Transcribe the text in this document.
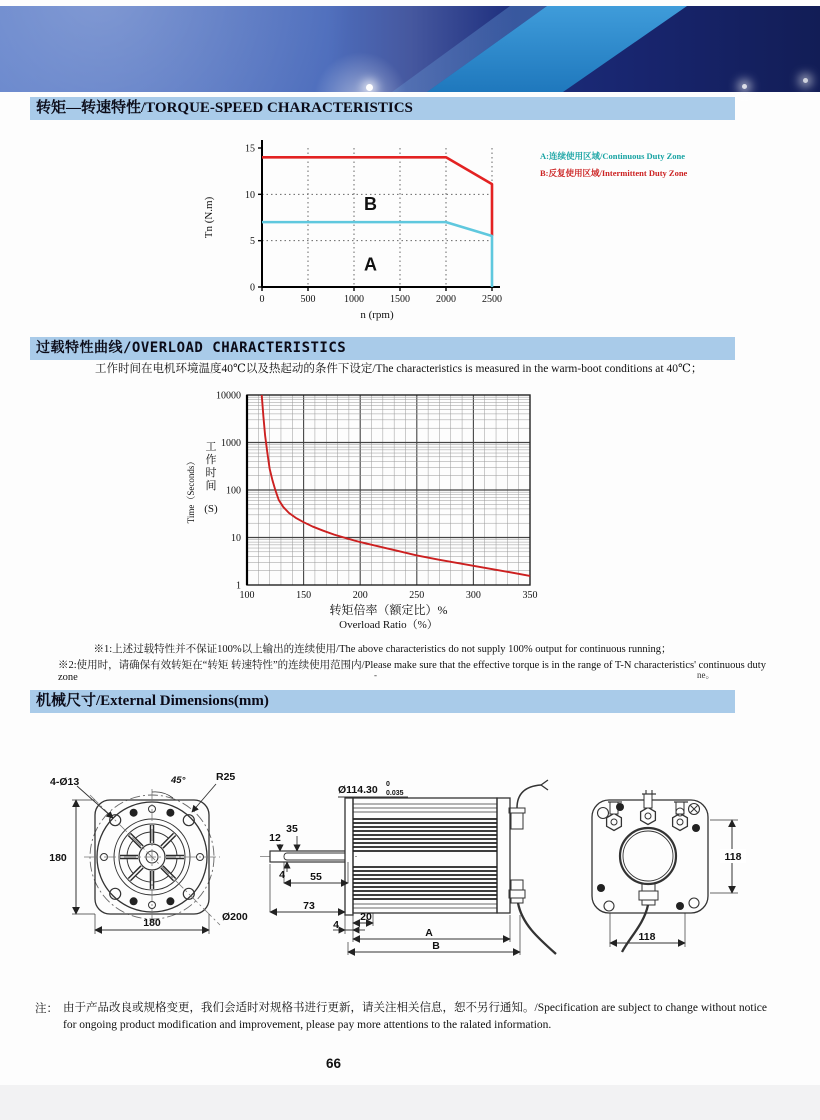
转矩—转速特性/TORQUE-SPEED CHARACTERISTICS
0
5
10
15
0	500	1000	1500	2000	2500
B
A
Tn (N.m)
n (rpm)
A:连续使用区域/Continuous Duty Zone
B:反复使用区域/Intermittent Duty Zone
过载特性曲线/OVERLOAD CHARACTERISTICS
工作时间在电机环境温度40℃以及热起动的条件下设定/The characteristics is measured in the warm-boot conditions at 40℃；
1
10
100
1000
10000
100	150	200	250	300	350
Time（Seconds）
工
作
时
间
(S)
转矩倍率（额定比）%
Overload Ratio（%）
※1:上述过载特性并不保证100%以上输出的连续使用/The above characteristics do not supply 100% output for continuous running；
※2:使用时，请确保有效转矩在“转矩 转速特性”的连续使用范围内/Please make sure that the effective torque is in the range of T-N characteristics' continuous duty zone	-	ne。
机械尺寸/External Dimensions(mm)
4-Ø13	45°	R25
180
180	Ø200
Ø114.30 0
0.035
35
12
4 55
73
4
20
A
B
118
118
注： 由于产品改良或规格变更，我们会适时对规格书进行更新，请关注相关信息，恕不另行通知。/Specification are subject to change without notice
for ongoing product modification and improvement, please pay more attentions to the ralated information.
66
